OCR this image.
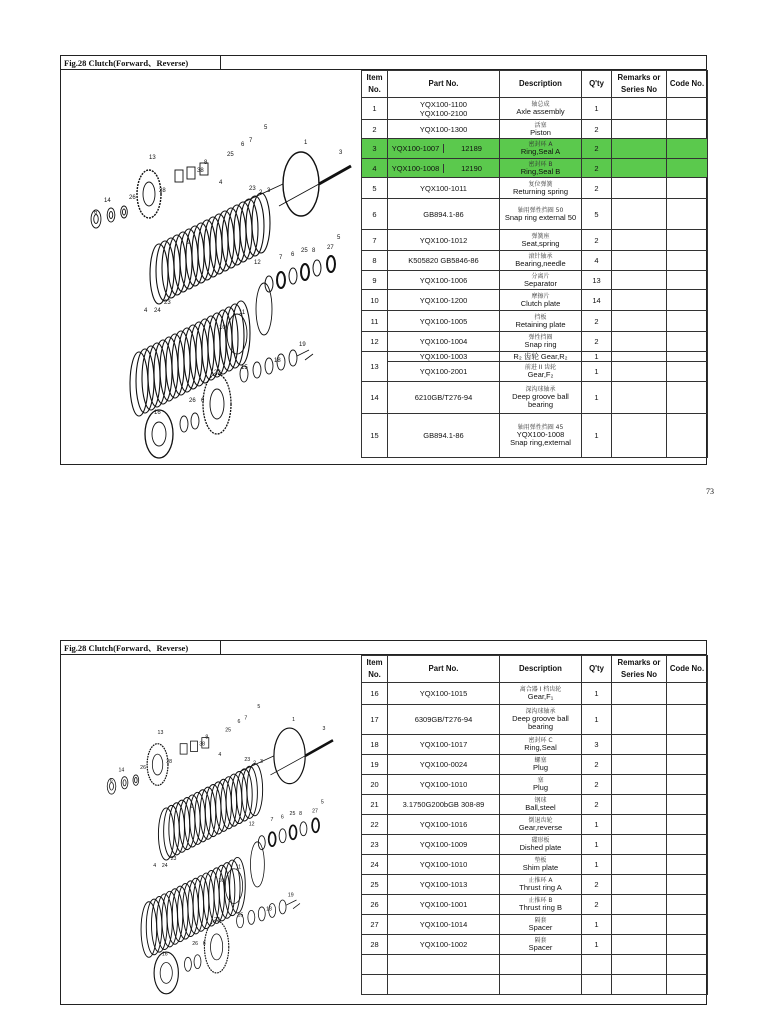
Fig.28 Clutch(Forward、Reverse)
5
3
25
6
7
4
38
8
13
1
2
23 3
28
14	26
6
9
12
7 6
25 8 27
5
23
24
4
10
11
19
18
15
22
16
26 6
Item No.	Part No.	Description	Q'ty	Remarks or Series No	Code No.
1	YQX100-1100
YQX100-2100	轴总成
Axle assembly	1		
2	YQX100-1300	活塞
Piston	2		
3	YQX100-1007 12189	密封环 A
Ring,Seal A	2		
4	YQX100-1008 12190	密封环 B
Ring,Seal B	2		
5	YQX100-1011	复位弹簧
Returning spring	2		
6	GB894.1-86	轴用弹性挡圈 50
Snap ring external 50	5		
7	YQX100-1012	弹簧座
Seat,spring	2		
8	K505820 GB5846-86	滚针轴承
Bearing,needle	4		
9	YQX100-1006	分离片
Separator	13		
10	YQX100-1200	摩擦片
Clutch plate	14		
11	YQX100-1005	挡板
Retaining plate	2		
12	YQX100-1004	弹性挡圈
Snap ring	2		
13	YQX100-1003	R₂ 齿轮 Gear,R₂	1		

	YQX100-2001	前进 II 齿轮
Gear,F₂	1		
14	6210GB/T276-94	深沟球轴承
Deep groove ball bearing	1		
15	GB894.1-86	轴用弹性挡圈 45
YQX100-1008
Snap ring,external	1		
73
Fig.28 Clutch(Forward、Reverse)
5
3
25
6
7
4
38
8
13
1
2
23 3
28
14	26
6
9
12
7 6
25 8 27
5
23
24
4
10
11
19
18
15
22
16
26 6
Item No.	Part No.	Description	Q'ty	Remarks or Series No	Code No.
16	YQX100-1015	离合器 I 档齿轮
Gear,F₁	1		
17	6309GB/T276-94	深沟球轴承
Deep groove ball bearing	1		
18	YQX100-1017	密封环 C
Ring,Seal	3		
19	YQX100-0024	螺塞
Plug	2		
20	YQX100-1010	塞
Plug	2		
21	3.1750G200bGB 308-89	钢球
Ball,steel	2		
22	YQX100-1016	倒退齿轮
Gear,reverse	1		
23	YQX100-1009	碟形板
Dished plate	1		
24	YQX100-1010	垫板
Shim plate	1		
25	YQX100-1013	止推环 A
Thrust ring A	2		
26	YQX100-1001	止推环 B
Thrust ring B	2		
27	YQX100-1014	隔套
Spacer	1		
28	YQX100-1002	隔套
Spacer	1		
